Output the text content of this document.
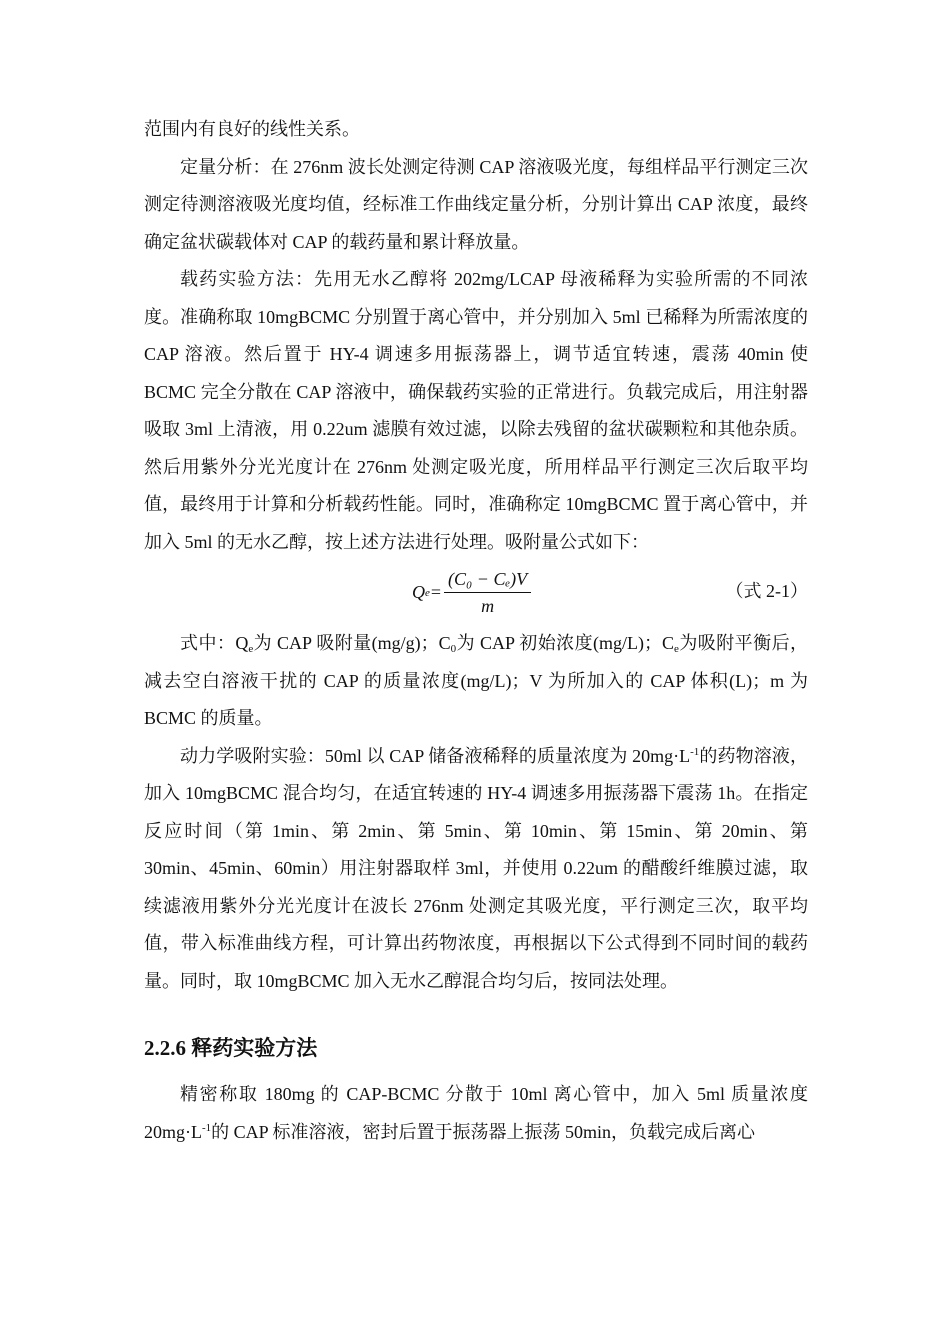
范围内有良好的线性关系。

定量分析：在 276nm 波长处测定待测 CAP 溶液吸光度，每组样品平行测定三次测定待测溶液吸光度均值，经标准工作曲线定量分析，分别计算出 CAP 浓度，最终确定盆状碳载体对 CAP 的载药量和累计释放量。

载药实验方法：先用无水乙醇将 202mg/LCAP 母液稀释为实验所需的不同浓度。准确称取 10mgBCMC 分别置于离心管中，并分别加入 5ml 已稀释为所需浓度的 CAP 溶液。然后置于 HY-4 调速多用振荡器上，调节适宜转速，震荡 40min 使 BCMC 完全分散在 CAP 溶液中，确保载药实验的正常进行。负载完成后，用注射器吸取 3ml 上清液，用 0.22um 滤膜有效过滤，以除去残留的盆状碳颗粒和其他杂质。然后用紫外分光光度计在 276nm 处测定吸光度，所用样品平行测定三次后取平均值，最终用于计算和分析载药性能。同时，准确称定 10mgBCMC 置于离心管中，并加入 5ml 的无水乙醇，按上述方法进行处理。吸附量公式如下：

Q $e = \frac{\text{(C₀ − Cₑ)V}}{m}$	（式 2-1）

式中：$Q_e$为 CAP 吸附量(mg/g)；$C_0$为 CAP 初始浓度(mg/L)；$C_e$为吸附平衡后，减去空白溶液干扰的 CAP 的质量浓度(mg/L)；V 为所加入的 CAP 体积(L)；m 为 BCMC 的质量。

动力学吸附实验：50ml 以 CAP 储备液稀释的质量浓度为 $20mg\cdot L^{-1}$的药物溶液，加入 10mgBCMC 混合均匀，在适宜转速的 HY-4 调速多用振荡器下震荡 1h。在指定反应时间（第 1min、第 2min、第 5min、第 10min、第 15min、第 20min、第 30min、45min、60min）用注射器取样 3ml，并使用 0.22um 的醋酸纤维膜过滤，取续滤液用紫外分光光度计在波长 276nm 处测定其吸光度，平行测定三次，取平均值，带入标准曲线方程，可计算出药物浓度，再根据以下公式得到不同时间的载药量。同时，取 10mgBCMC 加入无水乙醇混合均匀后，按同法处理。

2.2.6 释药实验方法

精密称取 180mg 的 CAP-BCMC 分散于 10ml 离心管中，加入 5ml 质量浓度 $20mg\cdot L^{-1}$的 CAP 标准溶液，密封后置于振荡器上振荡 50min，负载完成后离心
